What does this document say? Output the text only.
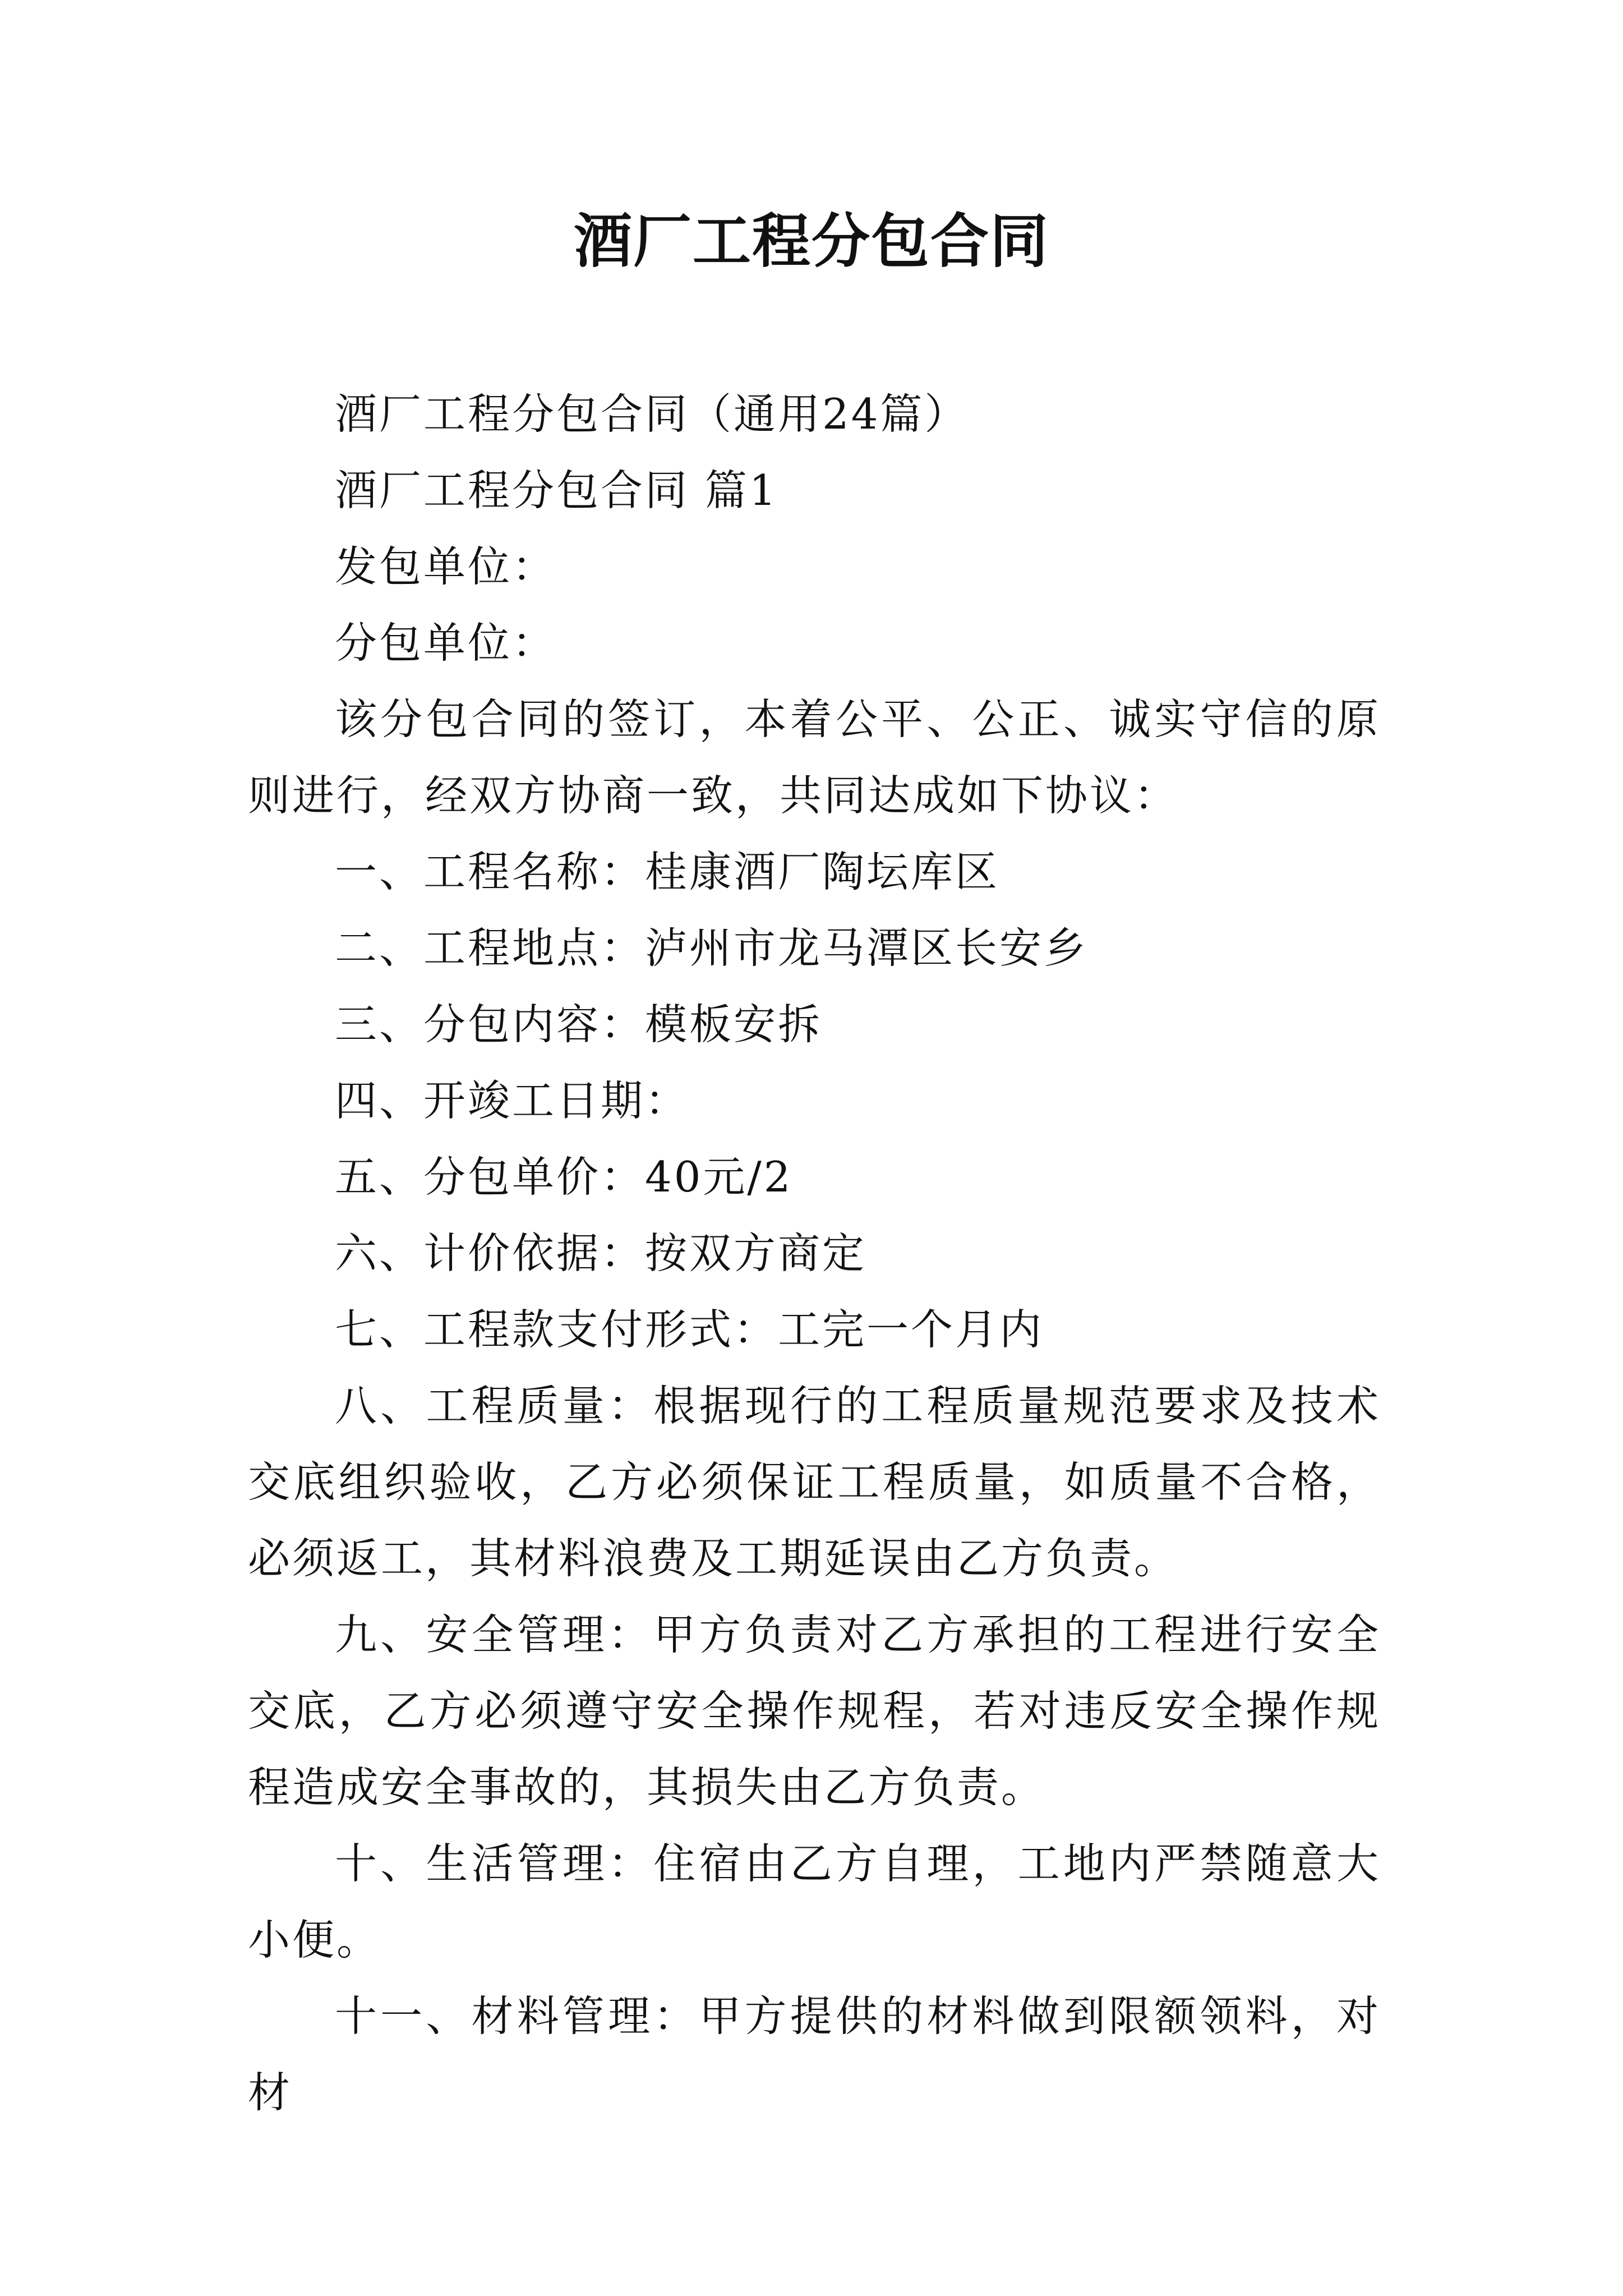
酒厂工程分包合同

酒厂工程分包合同（通用24篇）

酒厂工程分包合同 篇1

发包单位：

分包单位：

该分包合同的签订，本着公平、公正、诚实守信的原则进行，经双方协商一致，共同达成如下协议：

一、工程名称：桂康酒厂陶坛库区

二、工程地点：泸州市龙马潭区长安乡

三、分包内容：模板安拆

四、开竣工日期：

五、分包单价：40元/2

六、计价依据：按双方商定

七、工程款支付形式：工完一个月内

八、工程质量：根据现行的工程质量规范要求及技术交底组织验收，乙方必须保证工程质量，如质量不合格，必须返工，其材料浪费及工期延误由乙方负责。

九、安全管理：甲方负责对乙方承担的工程进行安全交底，乙方必须遵守安全操作规程，若对违反安全操作规程造成安全事故的，其损失由乙方负责。

十、生活管理：住宿由乙方自理，工地内严禁随意大小便。

十一、材料管理：甲方提供的材料做到限额领料，对材
